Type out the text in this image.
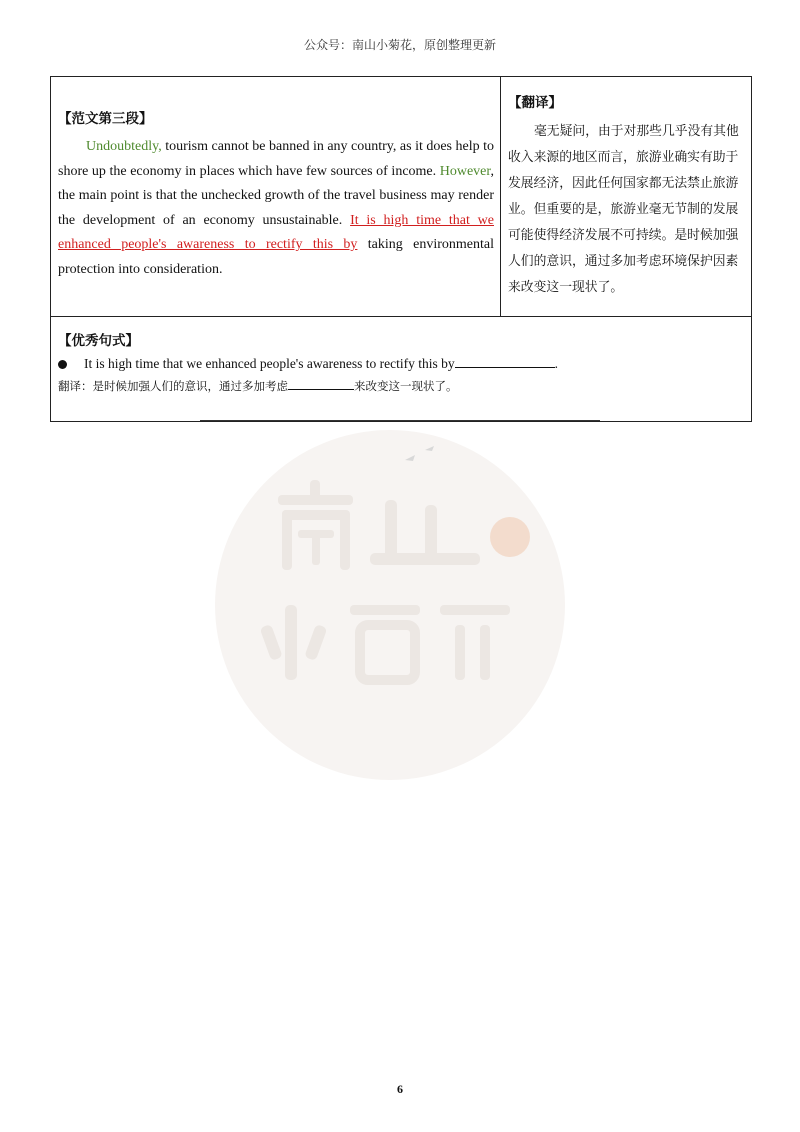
公众号：南山小菊花，原创整理更新
【范文第三段】
Undoubtedly, tourism cannot be banned in any country, as it does help to shore up the economy in places which have few sources of income. However, the main point is that the unchecked growth of the travel business may render the development of an economy unsustainable. It is high time that we enhanced people's awareness to rectify this by taking environmental protection into consideration.
【翻译】
毫无疑问，由于对那些几乎没有其他收入来源的地区而言，旅游业确实有助于发展经济，因此任何国家都无法禁止旅游业。但重要的是，旅游业毫无节制的发展可能使得经济发展不可持续。是时候加强人们的意识，通过多加考虑环境保护因素来改变这一现状了。
【优秀句式】
It is high time that we enhanced people's awareness to rectify this by	.
翻译：是时候加强人们的意识，通过多加考虑	来改变这一现状了。
6
